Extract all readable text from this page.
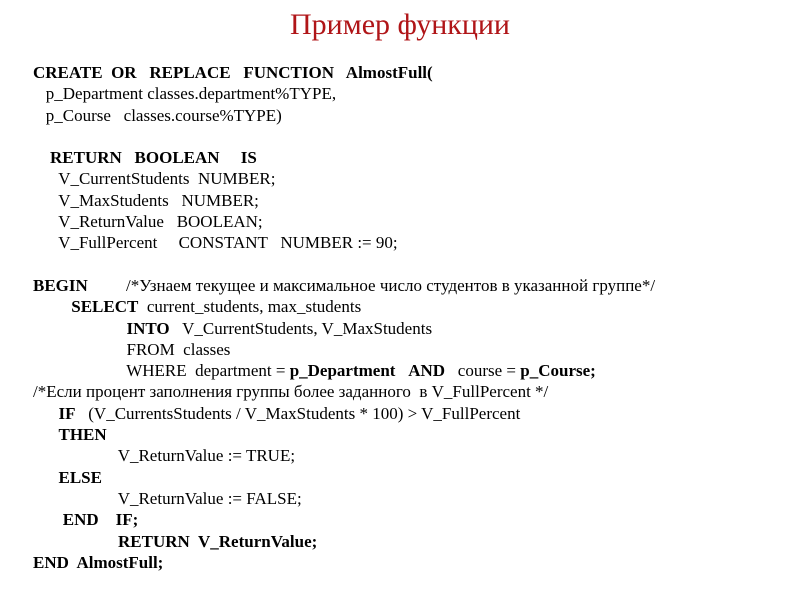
Пример функции
CREATE  OR   REPLACE   FUNCTION   AlmostFull(
p_Department classes.department%TYPE,
p_Course   classes.course%TYPE)

RETURN   BOOLEAN     IS
V_CurrentStudents  NUMBER;
V_MaxStudents   NUMBER;
V_ReturnValue   BOOLEAN;
V_FullPercent     CONSTANT   NUMBER := 90;

BEGIN         /*Узнаем текущее и максимальное число студентов в указанной группе*/
SELECT  current_students, max_students
INTO   V_CurrentStudents, V_MaxStudents
FROM  classes
WHERE  department = p_Department AND   course = p_Course;
/*Если процент заполнения группы более заданного  в V_FullPercent */
IF   (V_CurrentsStudents / V_MaxStudents * 100) > V_FullPercent
THEN
V_ReturnValue := TRUE;
ELSE
V_ReturnValue := FALSE;
END    IF;
RETURN  V_ReturnValue;
END  AlmostFull;
